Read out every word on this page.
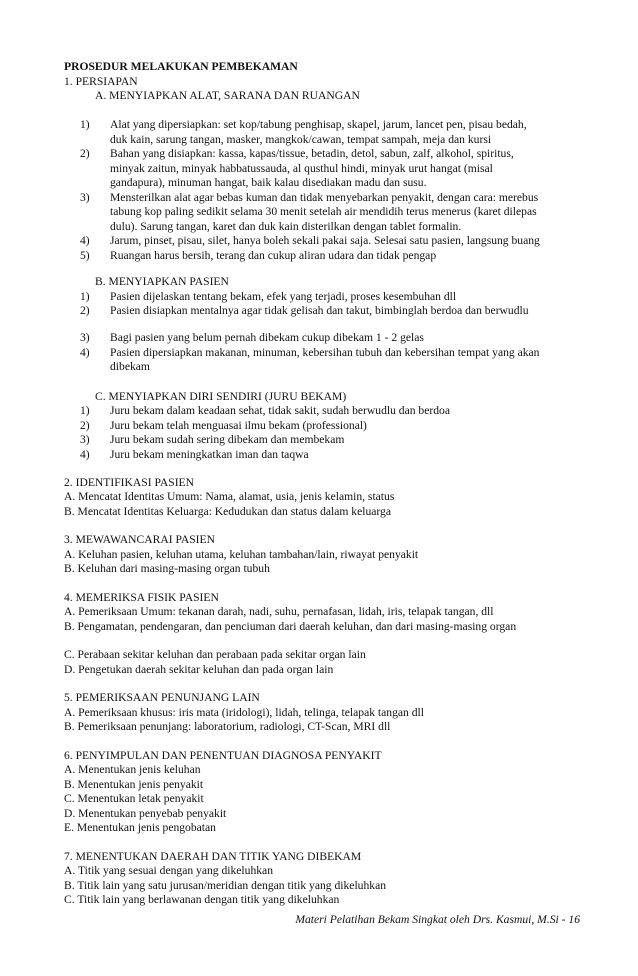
PROSEDUR MELAKUKAN PEMBEKAMAN
1. PERSIAPAN
A. MENYIAPKAN ALAT, SARANA DAN RUANGAN
1) Alat yang dipersiapkan: set kop/tabung penghisap, skapel, jarum, lancet pen, pisau bedah,
duk kain, sarung tangan, masker, mangkok/cawan, tempat sampah, meja dan kursi
2) Bahan yang disiapkan: kassa, kapas/tissue, betadin, detol, sabun, zalf, alkohol, spiritus,
minyak zaitun, minyak habbatussauda, al qusthul hindi, minyak urut hangat (misal
gandapura), minuman hangat, baik kalau disediakan madu dan susu.
3) Mensterilkan alat agar bebas kuman dan tidak menyebarkan penyakit, dengan cara: merebus
tabung kop paling sedikit selama 30 menit setelah air mendidih terus menerus (karet dilepas
dulu). Sarung tangan, karet dan duk kain disterilkan dengan tablet formalin.
4) Jarum, pinset, pisau, silet, hanya boleh sekali pakai saja. Selesai satu pasien, langsung buang
5) Ruangan harus bersih, terang dan cukup aliran udara dan tidak pengap
B. MENYIAPKAN PASIEN
1) Pasien dijelaskan tentang bekam, efek yang terjadi, proses kesembuhan dll
2) Pasien disiapkan mentalnya agar tidak gelisah dan takut, bimbinglah berdoa dan berwudlu
3) Bagi pasien yang belum pernah dibekam cukup dibekam 1 - 2 gelas
4) Pasien dipersiapkan makanan, minuman, kebersihan tubuh dan kebersihan tempat yang akan
dibekam
C. MENYIAPKAN DIRI SENDIRI (JURU BEKAM)
1) Juru bekam dalam keadaan sehat, tidak sakit, sudah berwudlu dan berdoa
2) Juru bekam telah menguasai ilmu bekam (professional)
3) Juru bekam sudah sering dibekam dan membekam
4) Juru bekam meningkatkan iman dan taqwa
2. IDENTIFIKASI PASIEN
A. Mencatat Identitas Umum: Nama, alamat, usia, jenis kelamin, status
B. Mencatat Identitas Keluarga: Kedudukan dan status dalam keluarga
3. MEWAWANCARAI PASIEN
A. Keluhan pasien, keluhan utama, keluhan tambahan/lain, riwayat penyakit
B. Keluhan dari masing-masing organ tubuh
4. MEMERIKSA FISIK PASIEN
A. Pemeriksaan Umum: tekanan darah, nadi, suhu, pernafasan, lidah, iris, telapak tangan, dll
B. Pengamatan, pendengaran, dan penciuman dari daerah keluhan, dan dari masing-masing organ
C. Perabaan sekitar keluhan dan perabaan pada sekitar organ lain
D. Pengetukan daerah sekitar keluhan dan pada organ lain
5. PEMERIKSAAN PENUNJANG LAIN
A. Pemeriksaan khusus: iris mata (iridologi), lidah, telinga, telapak tangan dll
B. Pemeriksaan penunjang: laboratorium, radiologi, CT-Scan, MRI dll
6. PENYIMPULAN DAN PENENTUAN DIAGNOSA PENYAKIT
A. Menentukan jenis keluhan
B. Menentukan jenis penyakit
C. Menentukan letak penyakit
D. Menentukan penyebab penyakit
E. Menentukan jenis pengobatan
7. MENENTUKAN DAERAH DAN TITIK YANG DIBEKAM
A. Titik yang sesuai dengan yang dikeluhkan
B. Titik lain yang satu jurusan/meridian dengan titik yang dikeluhkan
C. Titik lain yang berlawanan dengan titik yang dikeluhkan
Materi Pelatihan Bekam Singkat oleh Drs. Kasmui, M.Si - 16
